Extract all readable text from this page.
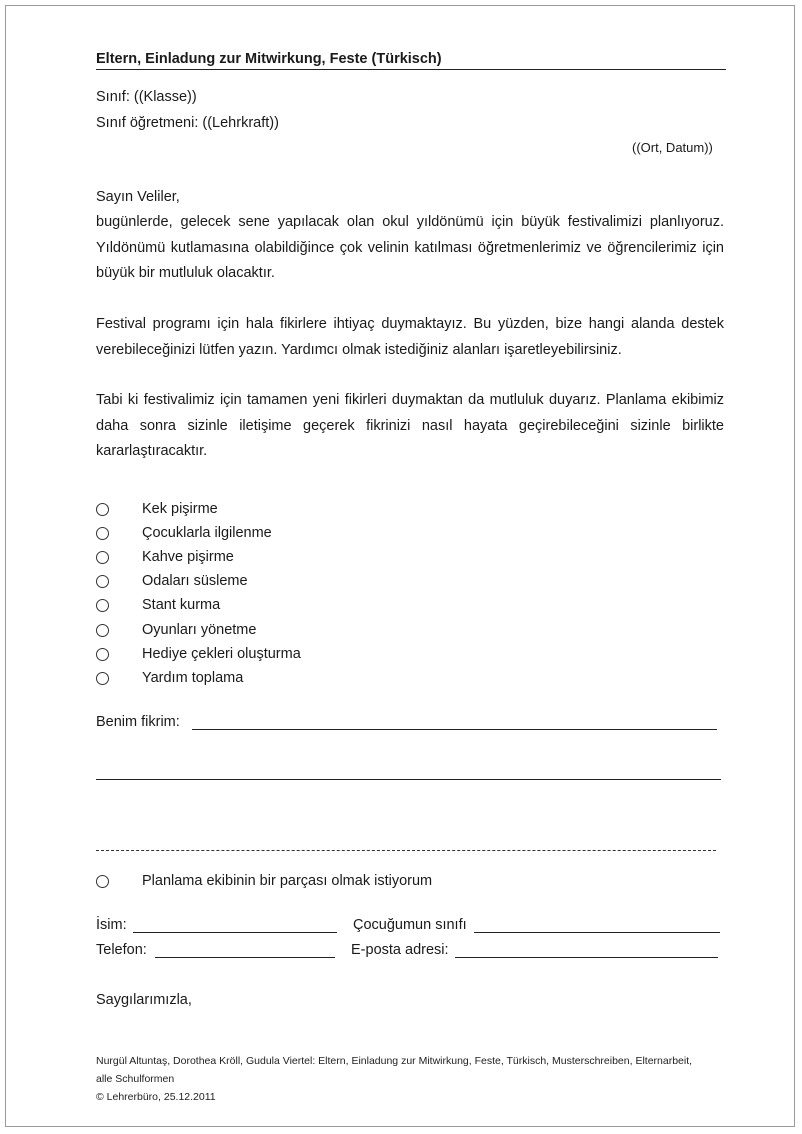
Eltern, Einladung zur Mitwirkung, Feste (Türkisch)
Sınıf: ((Klasse))
Sınıf öğretmeni: ((Lehrkraft))
((Ort, Datum))
Sayın Veliler,
bugünlerde, gelecek sene yapılacak olan okul yıldönümü için büyük festivalimizi planlıyoruz.
Yıldönümü kutlamasına olabildiğince çok velinin katılması öğretmenlerimiz ve öğrencilerimiz için
büyük bir mutluluk olacaktır.
Festival programı için hala fikirlere ihtiyaç duymaktayız. Bu yüzden, bize hangi alanda destek
verebileceğinizi lütfen yazın. Yardımcı olmak istediğiniz alanları işaretleyebilirsiniz.
Tabi ki festivalimiz için tamamen yeni fikirleri duymaktan da mutluluk duyarız. Planlama ekibimiz
daha sonra sizinle iletişime geçerek fikrinizi nasıl hayata geçirebileceğini sizinle birlikte
kararlaştıracaktır.
Kek pişirme
Çocuklarla ilgilenme
Kahve pişirme
Odaları süsleme
Stant kurma
Oyunları yönetme
Hediye çekleri oluşturma
Yardım toplama
Benim fikrim:
Planlama ekibinin bir parçası olmak istiyorum
İsim:	Çocuğumun sınıfı
Telefon:	E-posta adresi:
Saygılarımızla,
Nurgül Altuntaş, Dorothea Kröll, Gudula Viertel: Eltern, Einladung zur Mitwirkung, Feste, Türkisch, Musterschreiben, Elternarbeit,
alle Schulformen
© Lehrerbüro, 25.12.2011
